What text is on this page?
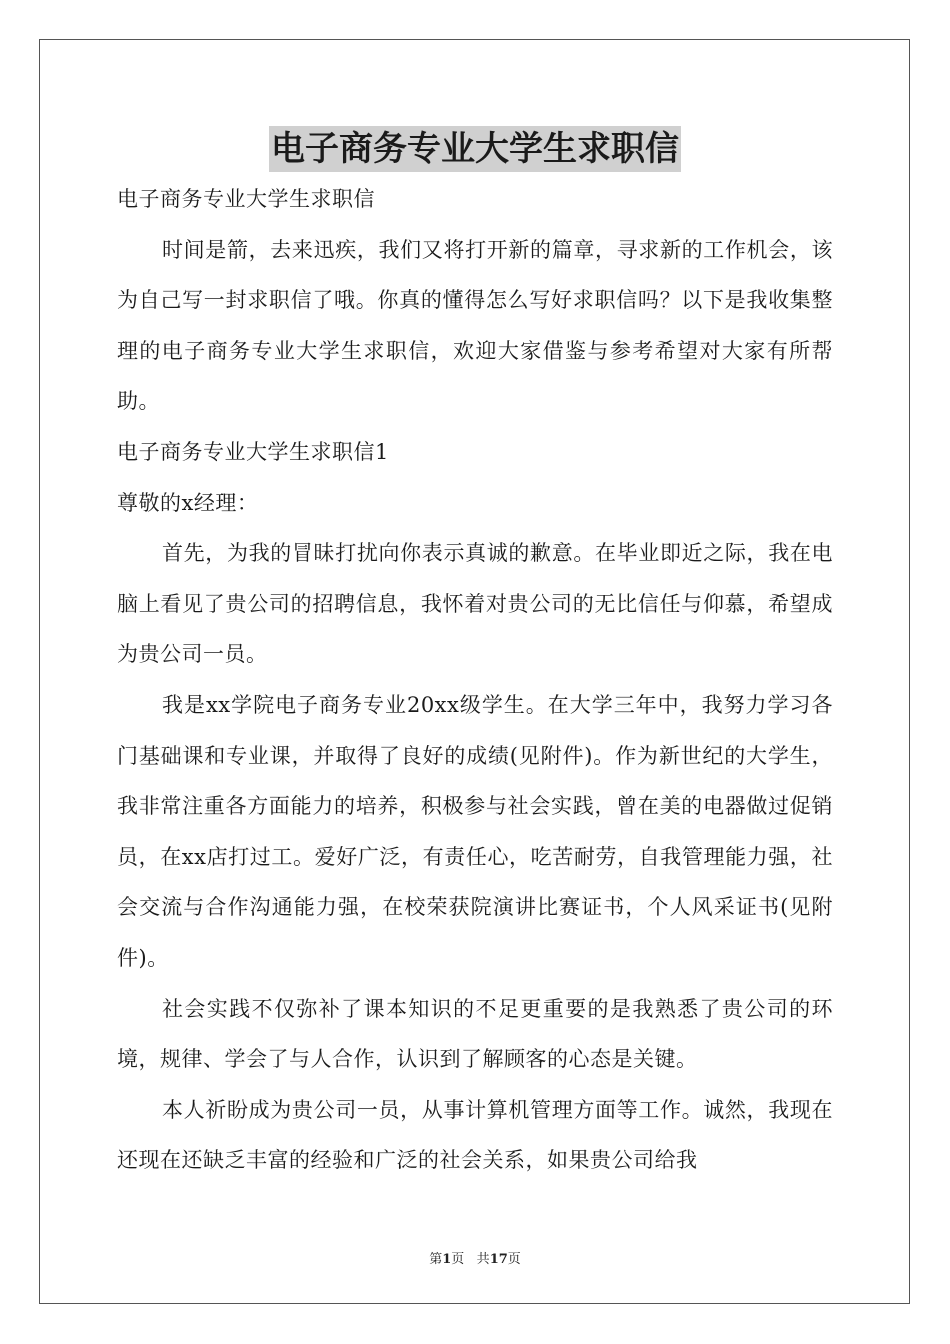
电子商务专业大学生求职信

电子商务专业大学生求职信

时间是箭，去来迅疾，我们又将打开新的篇章，寻求新的工作机会，该为自己写一封求职信了哦。你真的懂得怎么写好求职信吗？以下是我收集整理的电子商务专业大学生求职信，欢迎大家借鉴与参考希望对大家有所帮助。

电子商务专业大学生求职信1

尊敬的x经理：

首先，为我的冒昧打扰向你表示真诚的歉意。在毕业即近之际，我在电脑上看见了贵公司的招聘信息，我怀着对贵公司的无比信任与仰慕，希望成为贵公司一员。

我是xx学院电子商务专业20xx级学生。在大学三年中，我努力学习各门基础课和专业课，并取得了良好的成绩(见附件)。作为新世纪的大学生，我非常注重各方面能力的培养，积极参与社会实践，曾在美的电器做过促销员，在xx店打过工。爱好广泛，有责任心，吃苦耐劳，自我管理能力强，社会交流与合作沟通能力强，在校荣获院演讲比赛证书，个人风采证书(见附件)。

社会实践不仅弥补了课本知识的不足更重要的是我熟悉了贵公司的环境，规律、学会了与人合作，认识到了解顾客的心态是关键。

本人祈盼成为贵公司一员，从事计算机管理方面等工作。诚然，我现在还现在还缺乏丰富的经验和广泛的社会关系，如果贵公司给我

第1页 共17页
